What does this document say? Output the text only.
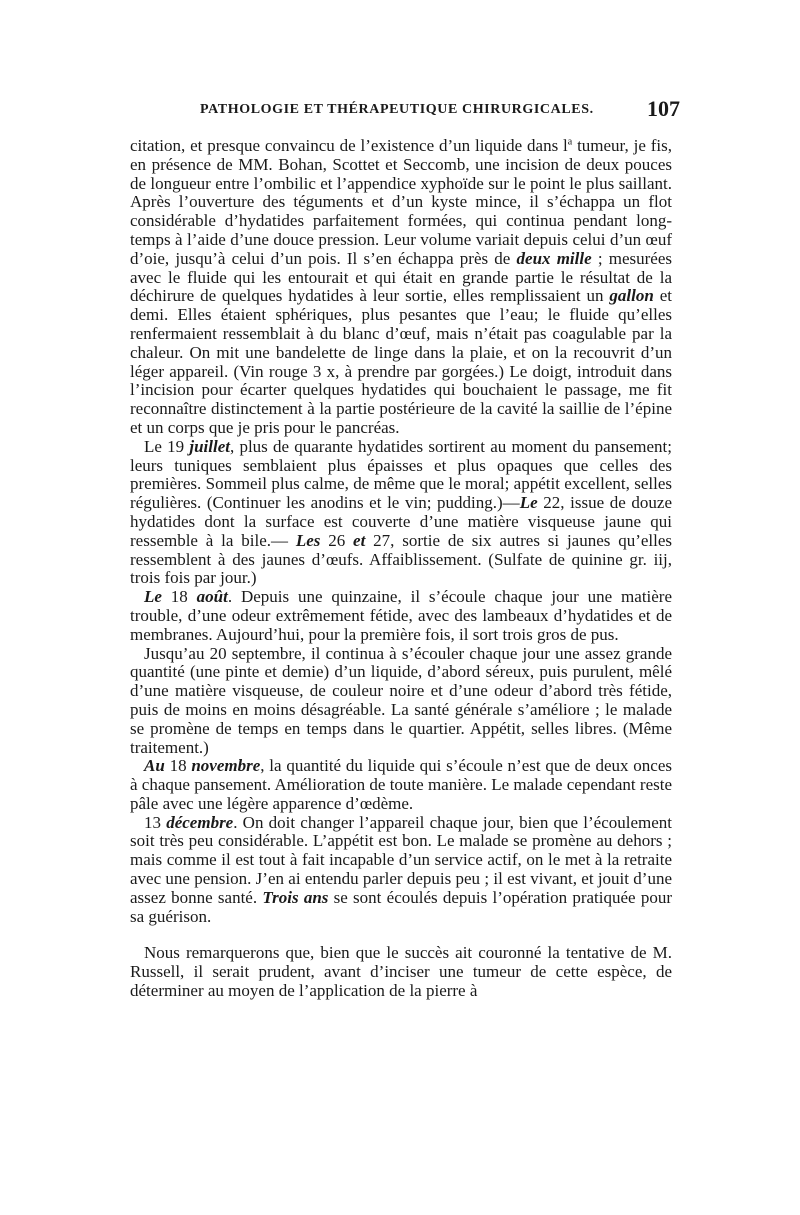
PATHOLOGIE ET THÉRAPEUTIQUE CHIRURGICALES. 107

citation, et presque convaincu de l’existence d’un liquide dans $l^a$ tumeur, je fis, en présence de MM. Bohan, Scottet et Seccomb, une incision de deux pouces de longueur entre l’ombilic et l’appendice xyphoïde sur le point le plus saillant. Après l’ouverture des téguments et d’un kyste mince, il s’échappa un flot considérable d’hydatides parfaitement formées, qui continua pendant long-temps à l’aide d’une douce pression. Leur volume variait depuis celui d’un œuf d’oie, jusqu’à celui d’un pois. Il s’en échappa près de deux mille ; mesurées avec le fluide qui les entourait et qui était en grande partie le résultat de la déchirure de quelques hydatides à leur sortie, elles remplissaient un gallon et demi. Elles étaient sphériques, plus pesantes que l’eau; le fluide qu’elles renfermaient ressemblait à du blanc d’œuf, mais n’était pas coagulable par la chaleur. On mit une bandelette de linge dans la plaie, et on la recouvrit d’un léger appareil. (Vin rouge 3 x, à prendre par gorgées.) Le doigt, introduit dans l’incision pour écarter quelques hydatides qui bouchaient le passage, me fit reconnaître distinctement à la partie postérieure de la cavité la saillie de l’épine et un corps que je pris pour le pancréas.

Le 19 juillet, plus de quarante hydatides sortirent au moment du pansement; leurs tuniques semblaient plus épaisses et plus opaques que celles des premières. Sommeil plus calme, de même que le moral; appétit excellent, selles régulières. (Continuer les anodins et le vin; pudding.)—Le 22, issue de douze hydatides dont la surface est couverte d’une matière visqueuse jaune qui ressemble à la bile.— Les 26 et 27, sortie de six autres si jaunes qu’elles ressemblent à des jaunes d’œufs. Affaiblissement. (Sulfate de quinine gr. iij, trois fois par jour.)

Le 18 août. Depuis une quinzaine, il s’écoule chaque jour une matière trouble, d’une odeur extrêmement fétide, avec des lambeaux d’hydatides et de membranes. Aujourd’hui, pour la première fois, il sort trois gros de pus.

Jusqu’au 20 septembre, il continua à s’écouler chaque jour une assez grande quantité (une pinte et demie) d’un liquide, d’abord séreux, puis purulent, mêlé d’une matière visqueuse, de couleur noire et d’une odeur d’abord très fétide, puis de moins en moins désagréable. La santé générale s’améliore ; le malade se promène de temps en temps dans le quartier. Appétit, selles libres. (Même traitement.)

Au 18 novembre, la quantité du liquide qui s’écoule n’est que de deux onces à chaque pansement. Amélioration de toute manière. Le malade cependant reste pâle avec une légère apparence d’œdème.

13 décembre. On doit changer l’appareil chaque jour, bien que l’écoulement soit très peu considérable. L’appétit est bon. Le malade se promène au dehors ; mais comme il est tout à fait incapable d’un service actif, on le met à la retraite avec une pension. J’en ai entendu parler depuis peu ; il est vivant, et jouit d’une assez bonne santé. Trois ans se sont écoulés depuis l’opération pratiquée pour sa guérison.

Nous remarquerons que, bien que le succès ait couronné la tentative de M. Russell, il serait prudent, avant d’inciser une tumeur de cette espèce, de déterminer au moyen de l’application de la pierre à
